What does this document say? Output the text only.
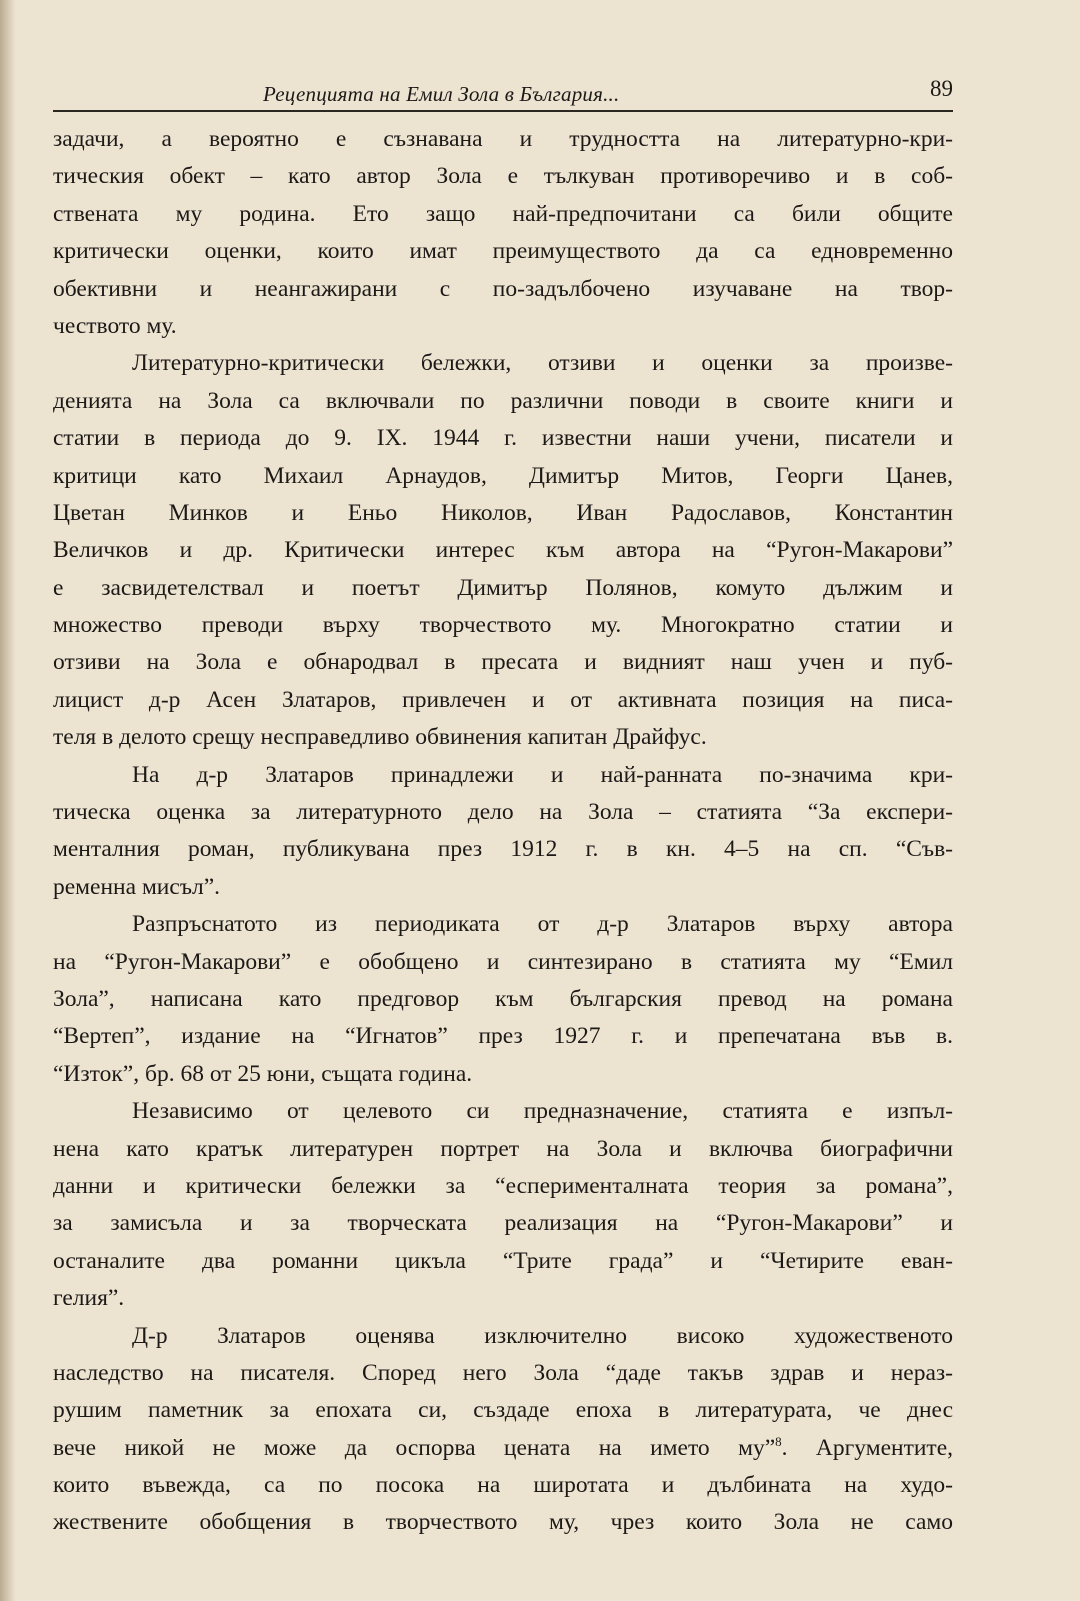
Рецепцията на Емил Зола в България...	89
задачи, а вероятно е съзнавана и трудността на литературно-кри-
тическия обект – като автор Зола е тълкуван противоречиво и в соб-
ствената му родина. Ето защо най-предпочитани са били общите
критически оценки, които имат преимуществото да са едновременно
обективни и неангажирани с по-задълбочено изучаване на твор-
чеството му.
Литературно-критически бележки, отзиви и оценки за произве-
денията на Зола са включвали по различни поводи в своите книги и
статии в периода до 9. IX. 1944 г. известни наши учени, писатели и
критици като Михаил Арнаудов, Димитър Митов, Георги Цанев,
Цветан Минков и Еньо Николов, Иван Радославов, Константин
Величков и др. Критически интерес към автора на “Ругон-Макарови”
е засвидетелствал и поетът Димитър Полянов, комуто дължим и
множество преводи върху творчеството му. Многократно статии и
отзиви на Зола е обнародвал в пресата и видният наш учен и пуб-
лицист д-р Асен Златаров, привлечен и от активната позиция на писа-
теля в делото срещу несправедливо обвинения капитан Драйфус.
На д-р Златаров принадлежи и най-ранната по-значима кри-
тическа оценка за литературното дело на Зола – статията “За експери-
менталния роман, публикувана през 1912 г. в кн. 4–5 на сп. “Съв-
ременна мисъл”.
Разпръснатото из периодиката от д-р Златаров върху автора
на “Ругон-Макарови” е обобщено и синтезирано в статията му “Емил
Зола”, написана като предговор към българския превод на романа
“Вертеп”, издание на “Игнатов” през 1927 г. и препечатана във в.
“Изток”, бр. 68 от 25 юни, същата година.
Независимо от целевото си предназначение, статията е изпъл-
нена като кратък литературен портрет на Зола и включва биографични
данни и критически бележки за “есперименталната теория за романа”,
за замисъла и за творческата реализация на “Ругон-Макарови” и
останалите два романни цикъла “Трите града” и “Четирите еван-
гелия”.
Д-р Златаров оценява изключително високо художественото
наследство на писателя. Според него Зола “даде такъв здрав и нераз-
рушим паметник за епохата си, създаде епоха в литературата, че днес
вече никой не може да оспорва цената на името му”$^8$. Аргументите,
които въвежда, са по посока на широтата и дълбината на худо-
жествените обобщения в творчеството му, чрез които Зола не само
